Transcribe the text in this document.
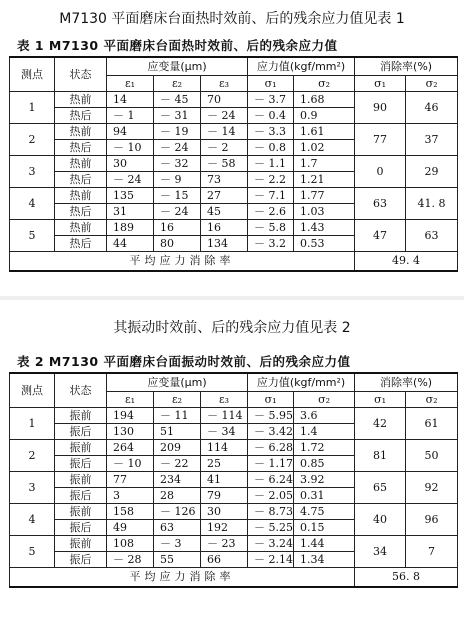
M7130 平面磨床台面热时效前、后的残余应力值见表 1
表 1 M7130 平面磨床台面热时效前、后的残余应力值
测点	状态	应变量(μm)			应力值(kgf/mm²)		消除率(%)	
		ε₁	ε₂	ε₃	σ₁	σ₂	σ₁	σ₂
1	热前	14	－ 45	70	－ 3.7	1.68	90	46
	热后	－ 1	－ 31	－ 24	－ 0.4	0.9		
2	热前	94	－ 19	－ 14	－ 3.3	1.61	77	37
	热后	－ 10	－ 24	－ 2	－ 0.8	1.02		
3	热前	30	－ 32	－ 58	－ 1.1	1.7	0	29
	热后	－ 24	－ 9	73	－ 2.2	1.21		
4	热前	135	－ 15	27	－ 7.1	1.77	63	41. 8
	热后	31	－ 24	45	－ 2.6	1.03		
5	热前	189	16	16	－ 5.8	1.43	47	63
	热后	44	80	134	－ 3.2	0.53		
平均应力消除率							49. 4	
其振动时效前、后的残余应力值见表 2
表 2 M7130 平面磨床台面振动时效前、后的残余应力值
测点	状态	应变量(μm)			应力值(kgf/mm²)		消除率(%)	
		ε₁	ε₂	ε₃	σ₁	σ₂	σ₁	σ₂
1	振前	194	－ 11	－ 114	－ 5.95	3.6	42	61
	振后	130	51	－ 34	－ 3.42	1.4		
2	振前	264	209	114	－ 6.28	1.72	81	50
	振后	－ 10	－ 22	25	－ 1.17	0.85		
3	振前	77	234	41	－ 6.24	3.92	65	92
	振后	3	28	79	－ 2.05	0.31		
4	振前	158	－ 126	30	－ 8.73	4.75	40	96
	振后	49	63	192	－ 5.25	0.15		
5	振前	108	－ 3	－ 23	－ 3.24	1.44	34	7
	振后	－ 28	55	66	－ 2.14	1.34		
平均应力消除率							56. 8	
